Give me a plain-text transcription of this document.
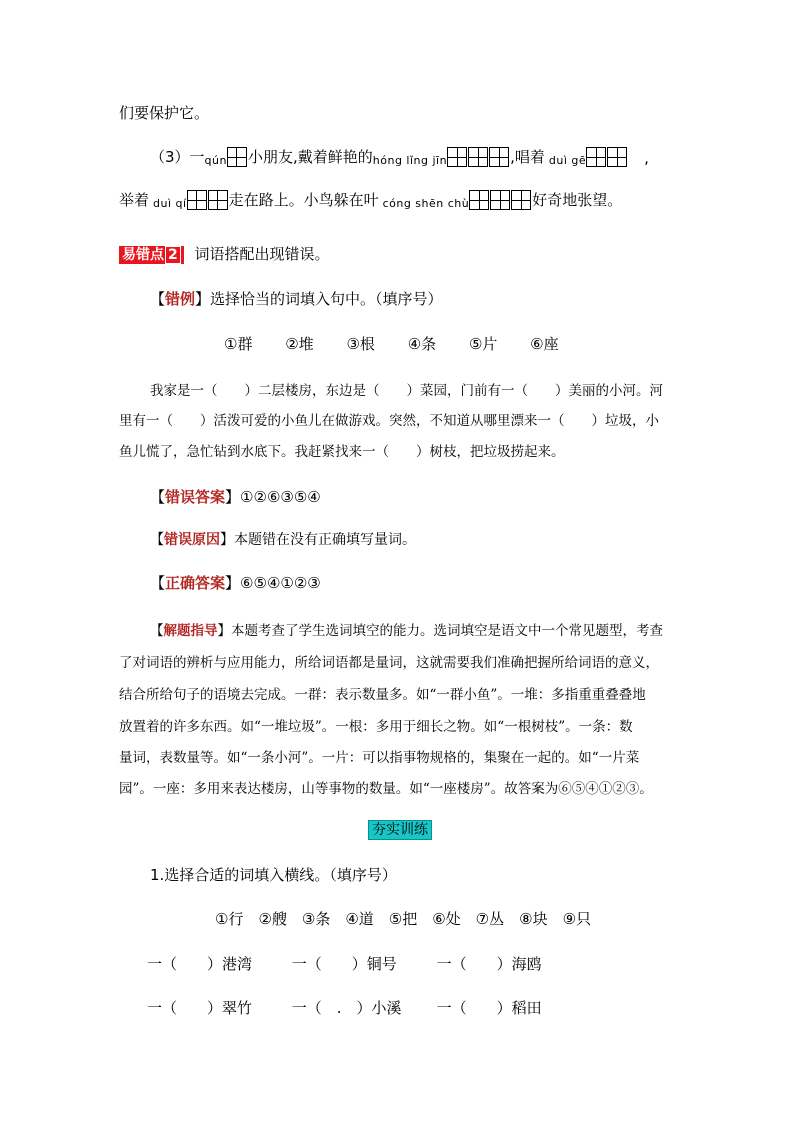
们要保护它。
（3）一 qún 小朋友,戴着鲜艳的 hóng lǐng jīn	,唱着 duì gē	,
举着 duì qí	走在路上。小鸟躲在叶 cóng shēn chù	好奇地张望。
易错点 2 词语搭配出现错误。
【错例】选择恰当的词填入句中。（填序号）
①群 ②堆 ③根 ④条 ⑤片 ⑥座
我家是一（　　）二层楼房，东边是（　　）菜园，门前有一（　　）美丽的小河。河
里有一（　　）活泼可爱的小鱼儿在做游戏。突然，不知道从哪里漂来一（　　）垃圾，小
鱼儿慌了，急忙钻到水底下。我赶紧找来一（　　）树枝，把垃圾捞起来。
【错误答案】①②⑥③⑤④
【错误原因】本题错在没有正确填写量词。
【正确答案】⑥⑤④①②③
【解题指导】本题考查了学生选词填空的能力。选词填空是语文中一个常见题型，考查
了对词语的辨析与应用能力，所给词语都是量词，这就需要我们准确把握所给词语的意义，
结合所给句子的语境去完成。一群：表示数量多。如“一群小鱼”。一堆：多指重重叠叠地
放置着的许多东西。如“一堆垃圾”。一根：多用于细长之物。如“一根树枝”。一条：数
量词，表数量等。如“一条小河”。一片：可以指事物规格的，集聚在一起的。如“一片菜
园”。一座：多用来表达楼房，山等事物的数量。如“一座楼房”。故答案为⑥⑤④①②③。
夯实训练
1.选择合适的词填入横线。（填序号）
①行　②艘　③条　④道　⑤把　⑥处　⑦丛　⑧块　⑨只
一（　　）港湾	一（　　）铜号	一（　　）海鸥
一（　　）翠竹	一（　.　）小溪 一（　　）稻田
